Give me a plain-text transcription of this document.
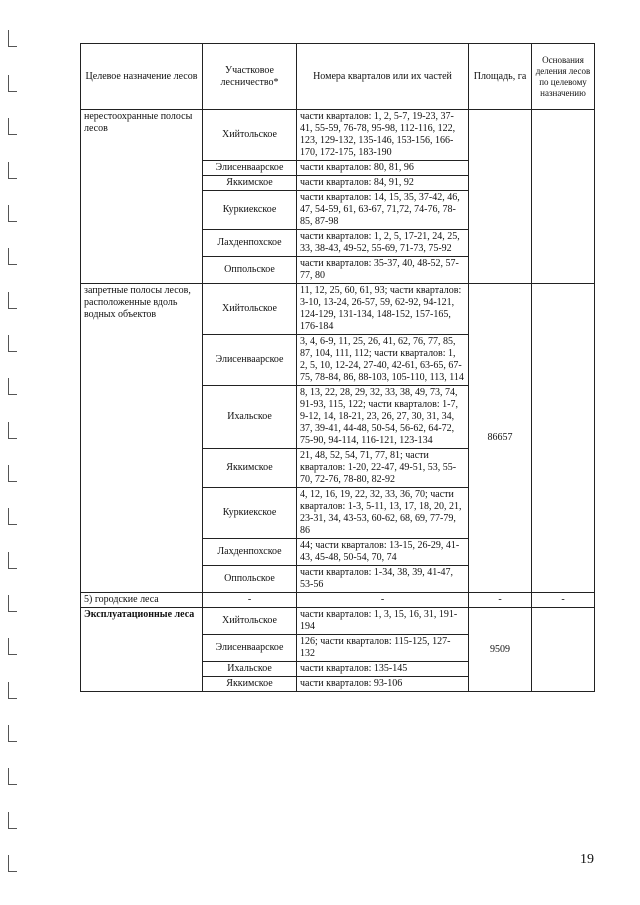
Целевое назначение лесов	Участковое лесничество*	Номера кварталов или их частей	Площадь, га	Основания деления лесов по целевому назначению
нерестоохранные полосы лесов	Хийтольское	части кварталов: 1, 2, 5-7, 19-23, 37-41, 55-59, 76-78, 95-98, 112-116, 122, 123, 129-132, 135-146, 153-156, 166-170, 172-175, 183-190		
	Элисенваарское	части кварталов: 80, 81, 96		
	Яккимское	части кварталов: 84, 91, 92		
	Куркиекское	части кварталов: 14, 15, 35, 37-42, 46, 47, 54-59, 61, 63-67, 71,72, 74-76, 78-85, 87-98		
	Лахденпохское	части кварталов: 1, 2, 5, 17-21, 24, 25, 33, 38-43, 49-52, 55-69, 71-73, 75-92		
	Оппольское	части кварталов: 35-37, 40, 48-52, 57-77, 80		
запретные полосы лесов, расположенные вдоль водных объектов	Хийтольское	11, 12, 25, 60, 61, 93; части кварталов: 3-10, 13-24, 26-57, 59, 62-92, 94-121, 124-129, 131-134, 148-152, 157-165, 176-184	86657	
	Элисенваарское	3, 4, 6-9, 11, 25, 26, 41, 62, 76, 77, 85, 87, 104, 111, 112; части кварталов: 1, 2, 5, 10, 12-24, 27-40, 42-61, 63-65, 67-75, 78-84, 86, 88-103, 105-110, 113, 114		
	Ихальское	8, 13, 22, 28, 29, 32, 33, 38, 49, 73, 74, 91-93, 115, 122; части кварталов: 1-7, 9-12, 14, 18-21, 23, 26, 27, 30, 31, 34, 37, 39-41, 44-48, 50-54, 56-62, 64-72, 75-90, 94-114, 116-121, 123-134		
	Яккимское	21, 48, 52, 54, 71, 77, 81; части кварталов: 1-20, 22-47, 49-51, 53, 55-70, 72-76, 78-80, 82-92		
	Куркиекское	4, 12, 16, 19, 22, 32, 33, 36, 70; части кварталов: 1-3, 5-11, 13, 17, 18, 20, 21, 23-31, 34, 43-53, 60-62, 68, 69, 77-79, 86		
	Лахденпохское	44; части кварталов: 13-15, 26-29, 41-43, 45-48, 50-54, 70, 74		
	Оппольское	части кварталов: 1-34, 38, 39, 41-47, 53-56		
5) городские леса	-	-	-	-
Эксплуатационные леса	Хийтольское	части кварталов: 1, 3, 15, 16, 31, 191-194	9509	
	Элисенваарское	126; части кварталов: 115-125, 127-132		
	Ихальское	части кварталов: 135-145		
	Яккимское	части кварталов: 93-106		
19
